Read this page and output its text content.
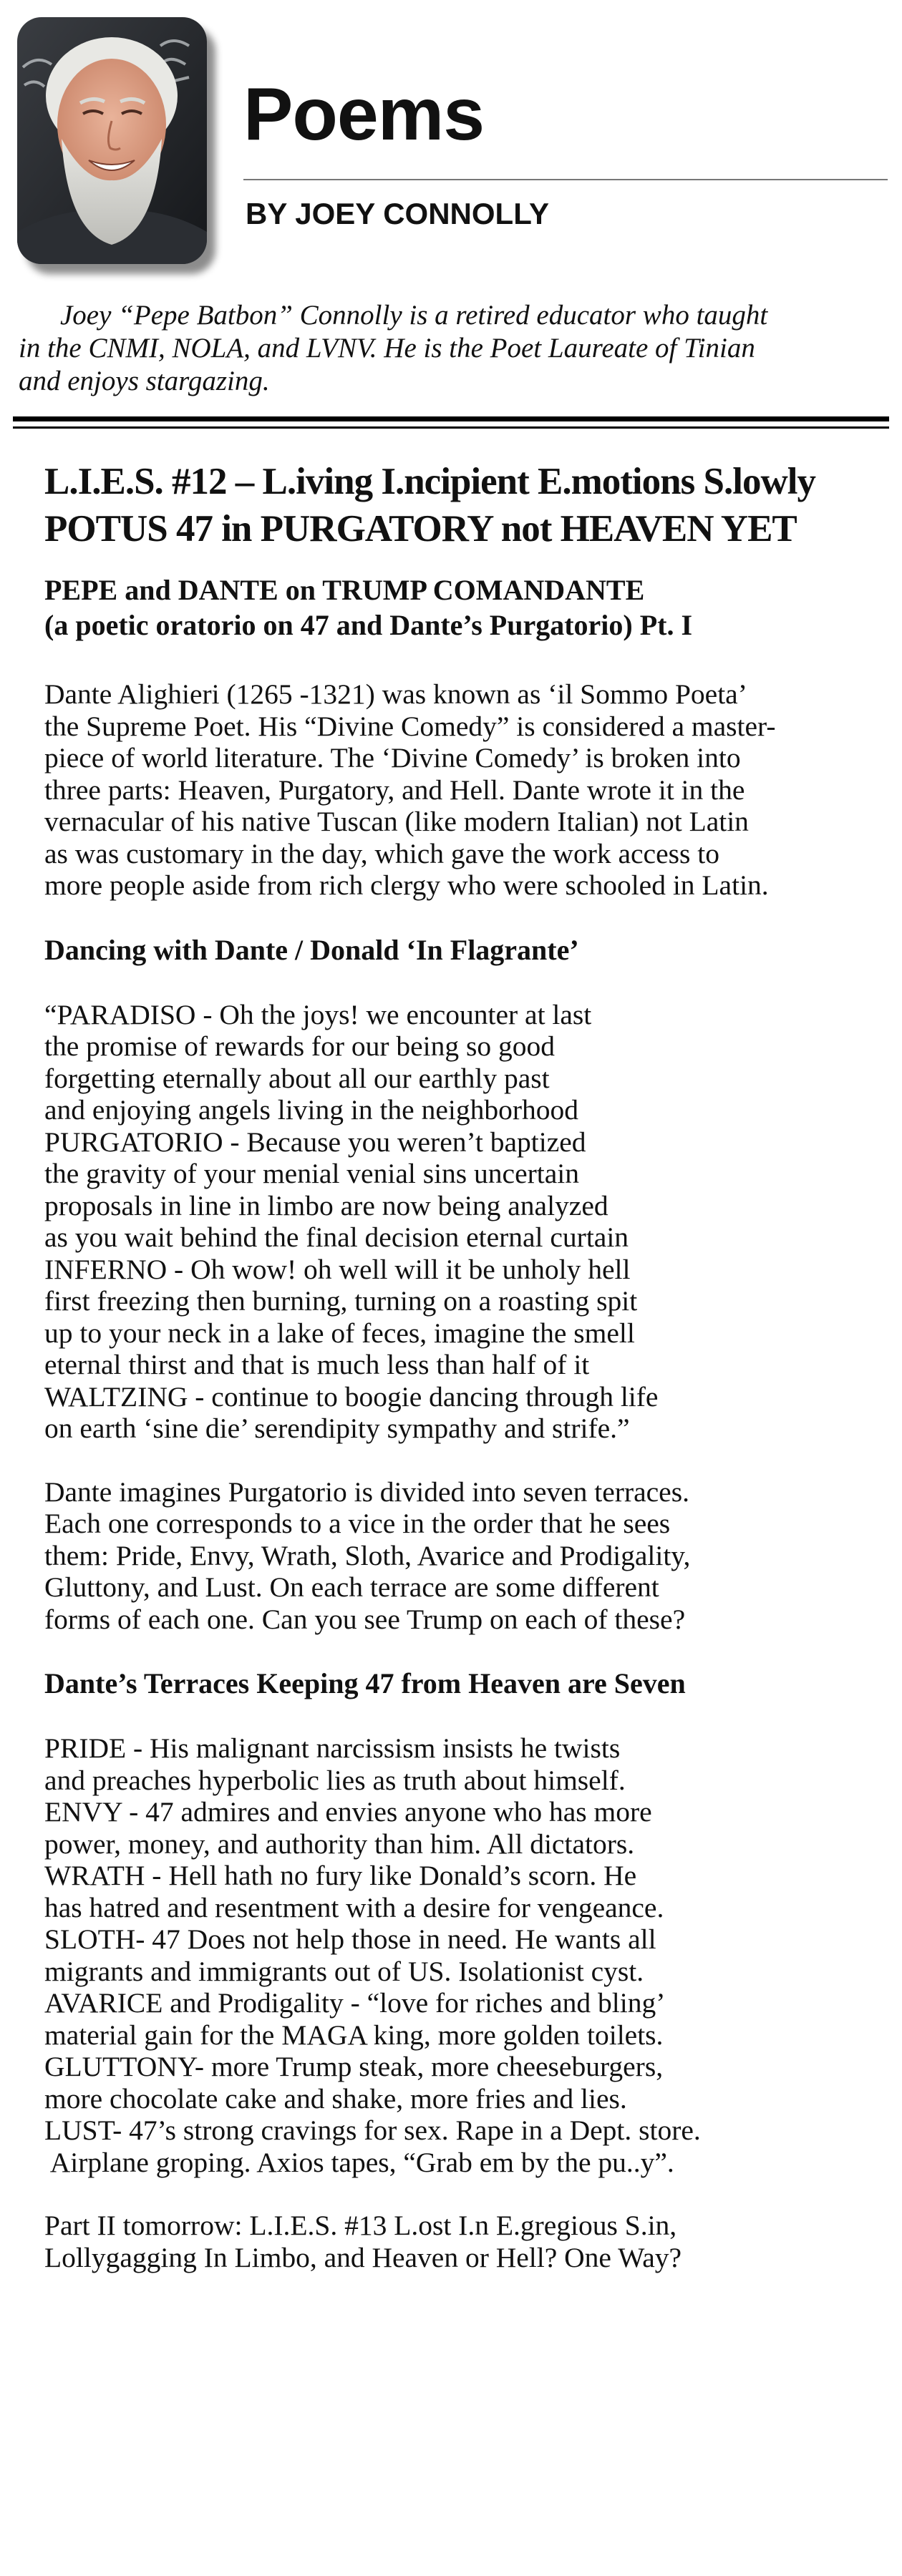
Poems
BY JOEY CONNOLLY
Joey “Pepe Batbon” Connolly is a retired educator who taught
in the CNMI, NOLA, and LVNV. He is the Poet Laureate of Tinian
and enjoys stargazing.
L.I.E.S. #12 – L.iving I.ncipient E.motions S.lowly
POTUS 47 in PURGATORY not HEAVEN YET
PEPE and DANTE on TRUMP COMANDANTE
(a poetic oratorio on 47 and Dante’s Purgatorio) Pt. I
Dante Alighieri (1265 -1321) was known as ‘il Sommo Poeta’
the Supreme Poet. His “Divine Comedy” is considered a master-
piece of world literature. The ‘Divine Comedy’ is broken into
three parts: Heaven, Purgatory, and Hell. Dante wrote it in the
vernacular of his native Tuscan (like modern Italian) not Latin
as was customary in the day, which gave the work access to
more people aside from rich clergy who were schooled in Latin.
Dancing with Dante / Donald ‘In Flagrante’
“PARADISO - Oh the joys! we encounter at last
the promise of rewards for our being so good
forgetting eternally about all our earthly past
and enjoying angels living in the neighborhood
PURGATORIO - Because you weren’t baptized
the gravity of your menial venial sins uncertain
proposals in line in limbo are now being analyzed
as you wait behind the final decision eternal curtain
INFERNO - Oh wow! oh well will it be unholy hell
first freezing then burning, turning on a roasting spit
up to your neck in a lake of feces, imagine the smell
eternal thirst and that is much less than half of it
WALTZING - continue to boogie dancing through life
on earth ‘sine die’ serendipity sympathy and strife.”
Dante imagines Purgatorio is divided into seven terraces.
Each one corresponds to a vice in the order that he sees
them: Pride, Envy, Wrath, Sloth, Avarice and Prodigality,
Gluttony, and Lust. On each terrace are some different
forms of each one. Can you see Trump on each of these?
Dante’s Terraces Keeping 47 from Heaven are Seven
PRIDE - His malignant narcissism insists he twists
and preaches hyperbolic lies as truth about himself.
ENVY - 47 admires and envies anyone who has more
power, money, and authority than him. All dictators.
WRATH - Hell hath no fury like Donald’s scorn. He
has hatred and resentment with a desire for vengeance.
SLOTH- 47 Does not help those in need. He wants all
migrants and immigrants out of US. Isolationist cyst.
AVARICE and Prodigality - “love for riches and bling’
material gain for the MAGA king, more golden toilets.
GLUTTONY- more Trump steak, more cheeseburgers,
more chocolate cake and shake, more fries and lies.
LUST- 47’s strong cravings for sex. Rape in a Dept. store.
Airplane groping. Axios tapes, “Grab em by the pu..y”.
Part II tomorrow: L.I.E.S. #13 L.ost I.n E.gregious S.in,
Lollygagging In Limbo, and Heaven or Hell? One Way?
